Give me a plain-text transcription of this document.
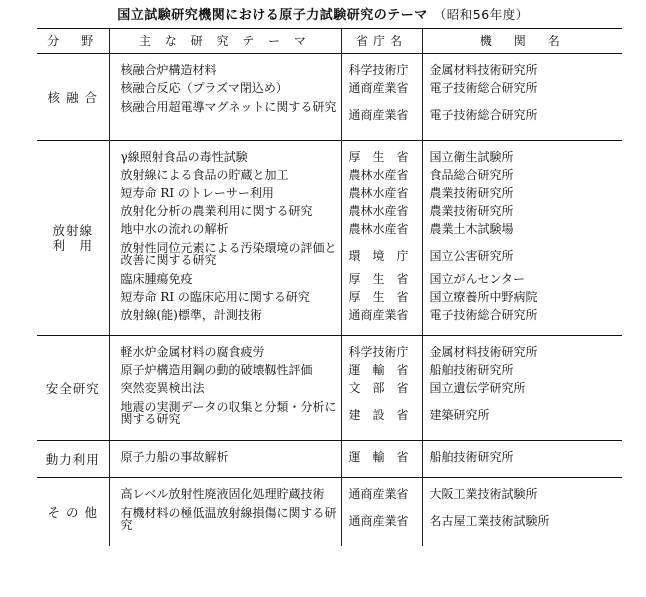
国立試験研究機関における原子力試験研究のテーマ （昭和56年度）
分　野	主 な 研 究 テ ー マ	省庁名	機　関　名
核 融 合			
	核融合炉構造材料	科学技術庁	金属材料技術研究所
	核融合反応（プラズマ閉込め）	通商産業省	電子技術総合研究所
	核融合用超電導マグネットに関する研究	通商産業省	電子技術総合研究所

放射線
利　用			
	γ線照射食品の毒性試験	厚　生　省	国立衛生試験所
	放射線による食品の貯蔵と加工	農林水産省	食品総合研究所
	短寿命 RI のトレーサー利用	農林水産省	農業技術研究所
	放射化分析の農業利用に関する研究	農林水産省	農業技術研究所
	地中水の流れの解析	農林水産省	農業土木試験場
	放射性同位元素による汚染環境の評価と改善に関する研究	環　境　庁	国立公害研究所
	臨床腫瘍免疫	厚　生　省	国立がんセンター
	短寿命 RI の臨床応用に関する研究	厚　生　省	国立療養所中野病院
	放射線(能)標準，計測技術	通商産業省	電子技術総合研究所

安全研究			
	軽水炉金属材料の腐食疲労	科学技術庁	金属材料技術研究所
	原子炉構造用鋼の動的破壊靱性評価	運　輸　省	船舶技術研究所
	突然変異検出法	文　部　省	国立遺伝学研究所
	地震の実測データの収集と分類・分析に関する研究	建　設　省	建築研究所

動力利用			
	原子力船の事故解析	運　輸　省	船舶技術研究所

そ の 他			
	高レベル放射性廃液固化処理貯蔵技術	通商産業省	大阪工業技術試験所
	有機材料の極低温放射線損傷に関する研究	通商産業省	名古屋工業技術試験所
